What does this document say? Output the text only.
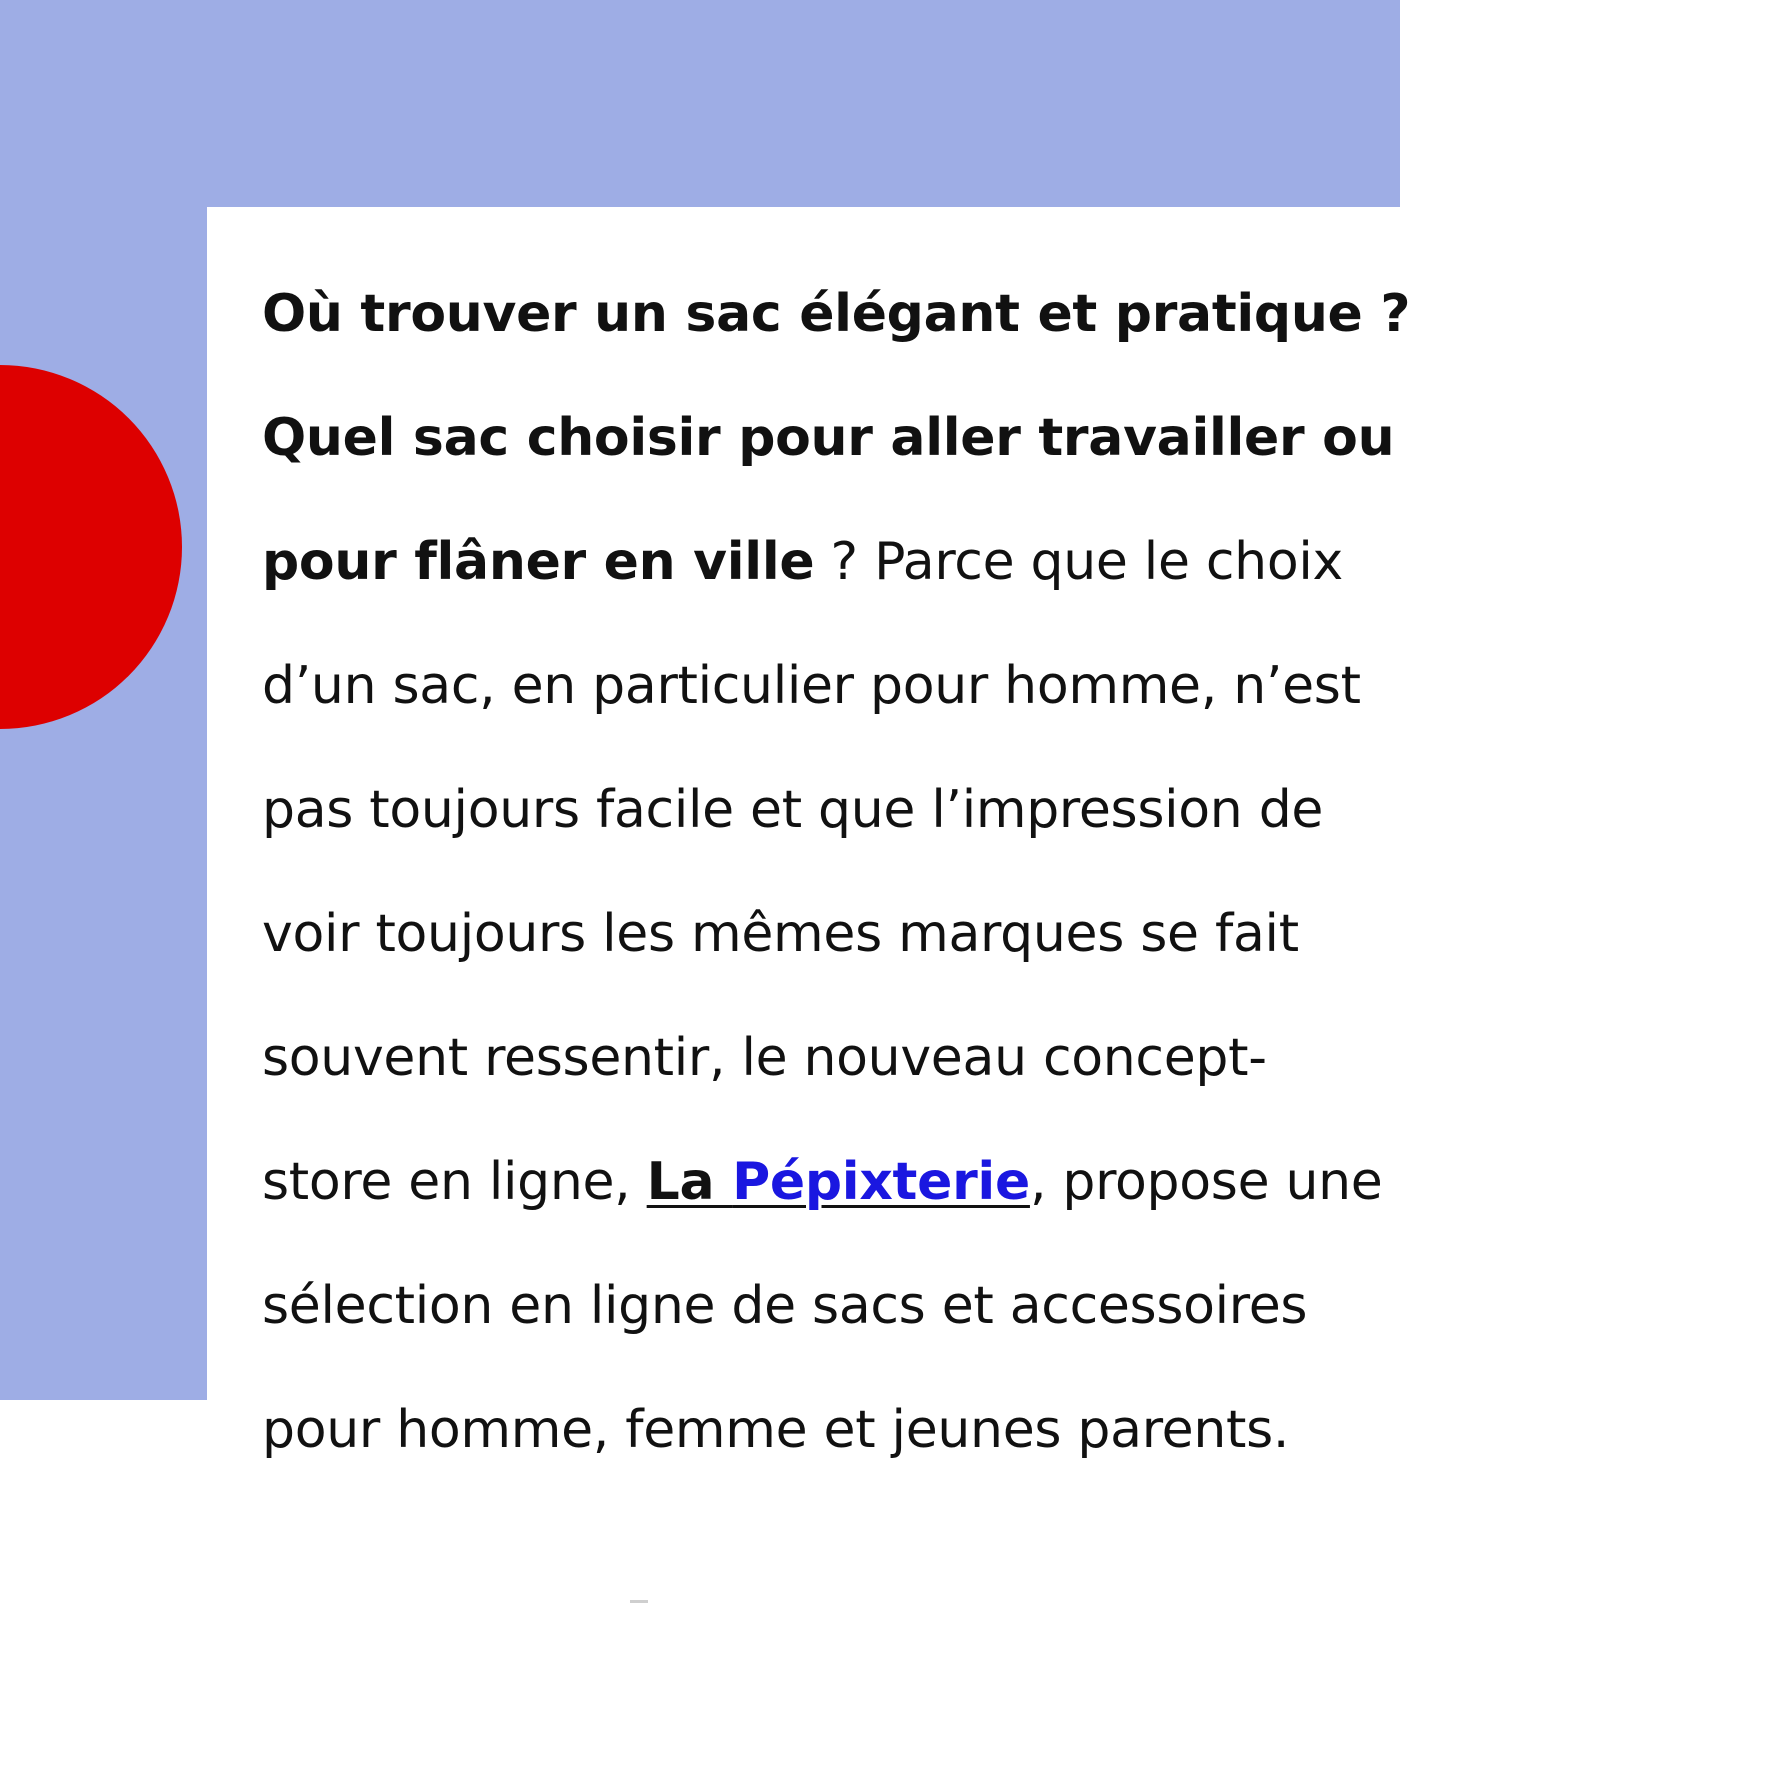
Où trouver un sac élégant et pratique ?
Quel sac choisir pour aller travailler ou
pour flâner en ville ? Parce que le choix
d’un sac, en particulier pour homme, n’est
pas toujours facile et que l’impression de
voir toujours les mêmes marques se fait
souvent ressentir, le nouveau concept-
store en ligne, La Pépixterie, propose une
sélection en ligne de sacs et accessoires
pour homme, femme et jeunes parents.
